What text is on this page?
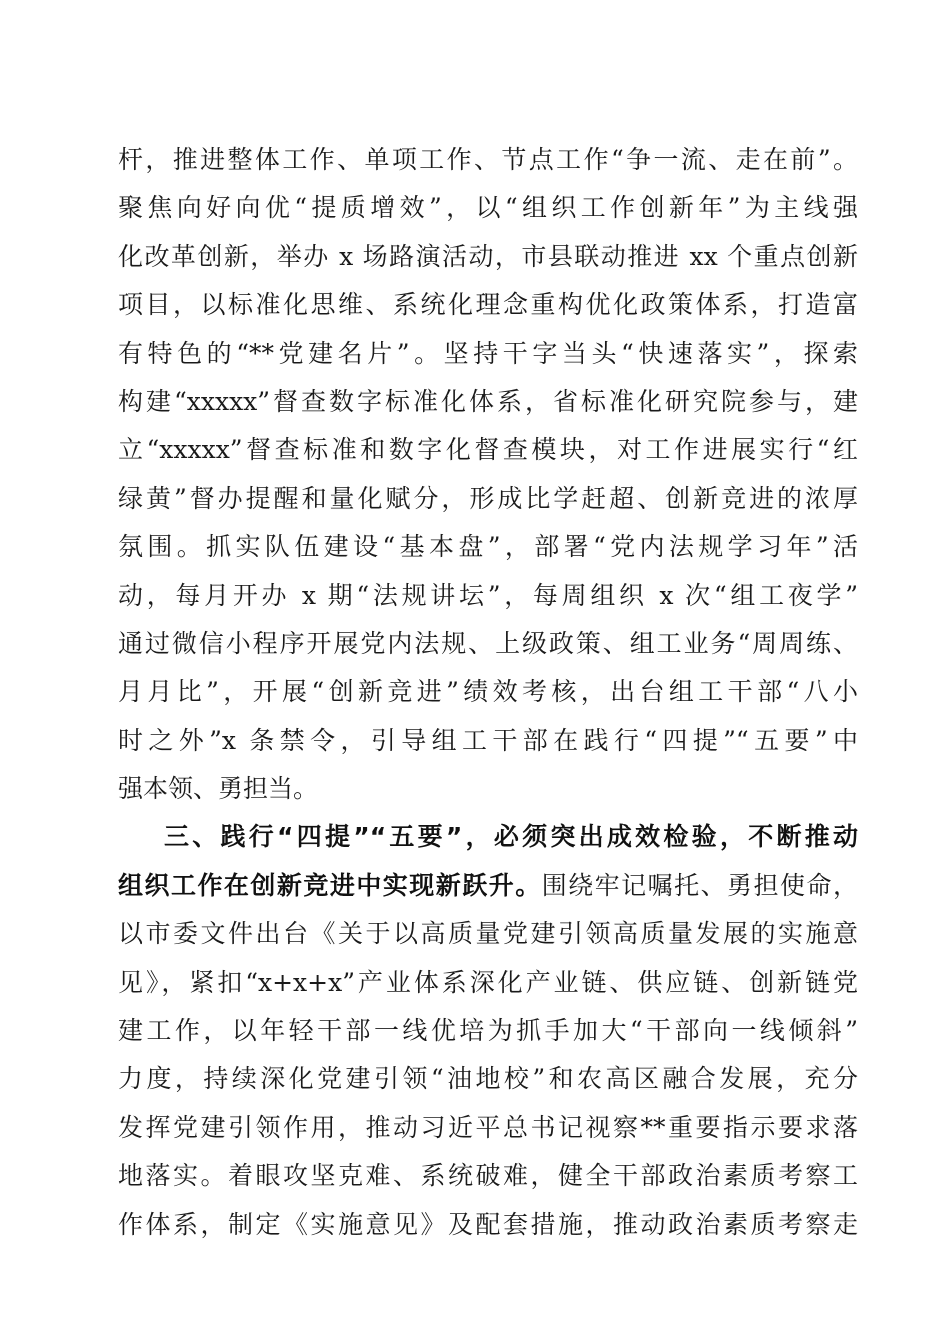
杆，推进整体工作、单项工作、节点工作“争一流、走在前”。
聚焦向好向优“提质增效”，以“组织工作创新年”为主线强
化改革创新，举办 x 场路演活动，市县联动推进 xx 个重点创新
项目，以标准化思维、系统化理念重构优化政策体系，打造富
有特色的“**党建名片”。坚持干字当头“快速落实”，探索
构建“xxxxx”督查数字标准化体系，省标准化研究院参与，建
立“xxxxx”督查标准和数字化督查模块，对工作进展实行“红
绿黄”督办提醒和量化赋分，形成比学赶超、创新竞进的浓厚
氛围。抓实队伍建设“基本盘”，部署“党内法规学习年”活
动，每月开办 x 期“法规讲坛”，每周组织 x 次“组工夜学”
通过微信小程序开展党内法规、上级政策、组工业务“周周练、
月月比”，开展“创新竞进”绩效考核，出台组工干部“八小
时之外”x 条禁令，引导组工干部在践行“四提”“五要”中
强本领、勇担当。
三、践行“四提”“五要”，必须突出成效检验，不断推动
组织工作在创新竞进中实现新跃升。围绕牢记嘱托、勇担使命，
以市委文件出台《关于以高质量党建引领高质量发展的实施意
见》，紧扣“x+x+x”产业体系深化产业链、供应链、创新链党
建工作，以年轻干部一线优培为抓手加大“干部向一线倾斜”
力度，持续深化党建引领“油地校”和农高区融合发展，充分
发挥党建引领作用，推动习近平总书记视察**重要指示要求落
地落实。着眼攻坚克难、系统破难，健全干部政治素质考察工
作体系，制定《实施意见》及配套措施，推动政治素质考察走
